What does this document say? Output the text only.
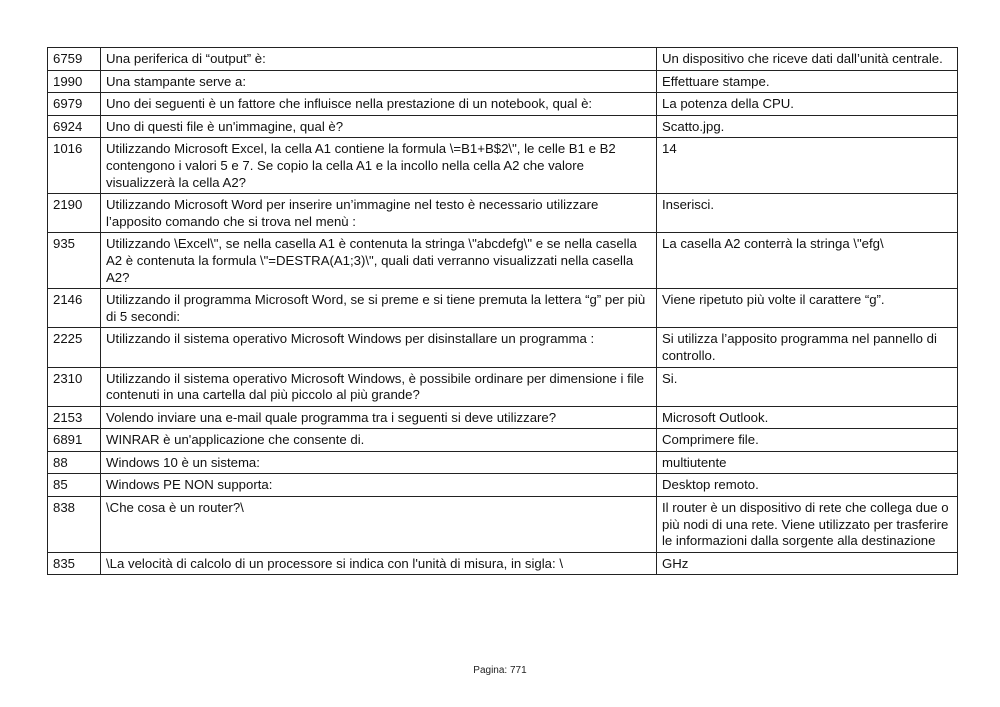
6759	Una periferica di “output” è:	Un dispositivo che riceve dati dall’unità centrale.
1990	Una stampante serve a:	Effettuare stampe.
6979	Uno dei seguenti è un fattore che influisce nella prestazione di un notebook, qual è:	La potenza della CPU.
6924	Uno di questi file è un'immagine, qual è?	Scatto.jpg.
1016	Utilizzando Microsoft Excel, la cella A1 contiene la formula \=B1+B$2\", le celle B1 e B2 contengono i valori 5 e 7. Se copio la cella A1 e la incollo nella cella A2 che valore visualizzerà la cella A2?	14
2190	Utilizzando Microsoft Word per inserire un’immagine nel testo è necessario utilizzare l’apposito comando che si trova nel menù :	Inserisci.
935	Utilizzando \Excel\", se nella casella A1 è contenuta la stringa \"abcdefg\" e se nella casella A2 è contenuta la formula \"=DESTRA(A1;3)\", quali dati verranno visualizzati nella casella A2?	La casella A2 conterrà la stringa \"efg\
2146	Utilizzando il programma Microsoft Word, se si preme e si tiene premuta la lettera “g” per più di 5 secondi:	Viene ripetuto più volte il carattere “g”.
2225	Utilizzando il sistema operativo Microsoft Windows per disinstallare un programma :	Si utilizza l’apposito programma nel pannello di controllo.
2310	Utilizzando il sistema operativo Microsoft Windows, è possibile ordinare per dimensione i file contenuti in una cartella dal più piccolo al più grande?	Si.
2153	Volendo inviare una e-mail quale programma tra i seguenti si deve utilizzare?	Microsoft Outlook.
6891	WINRAR è un'applicazione che consente di.	Comprimere file.
88	Windows 10 è un sistema:	multiutente
85	Windows PE NON supporta:	Desktop remoto.
838	\Che cosa è un router?\	Il router è un dispositivo di rete che collega due o più nodi di una rete. Viene utilizzato per trasferire le informazioni dalla sorgente alla destinazione
835	\La velocità di calcolo di un processore si indica con l'unità di misura, in sigla: \	GHz
Pagina: 771
